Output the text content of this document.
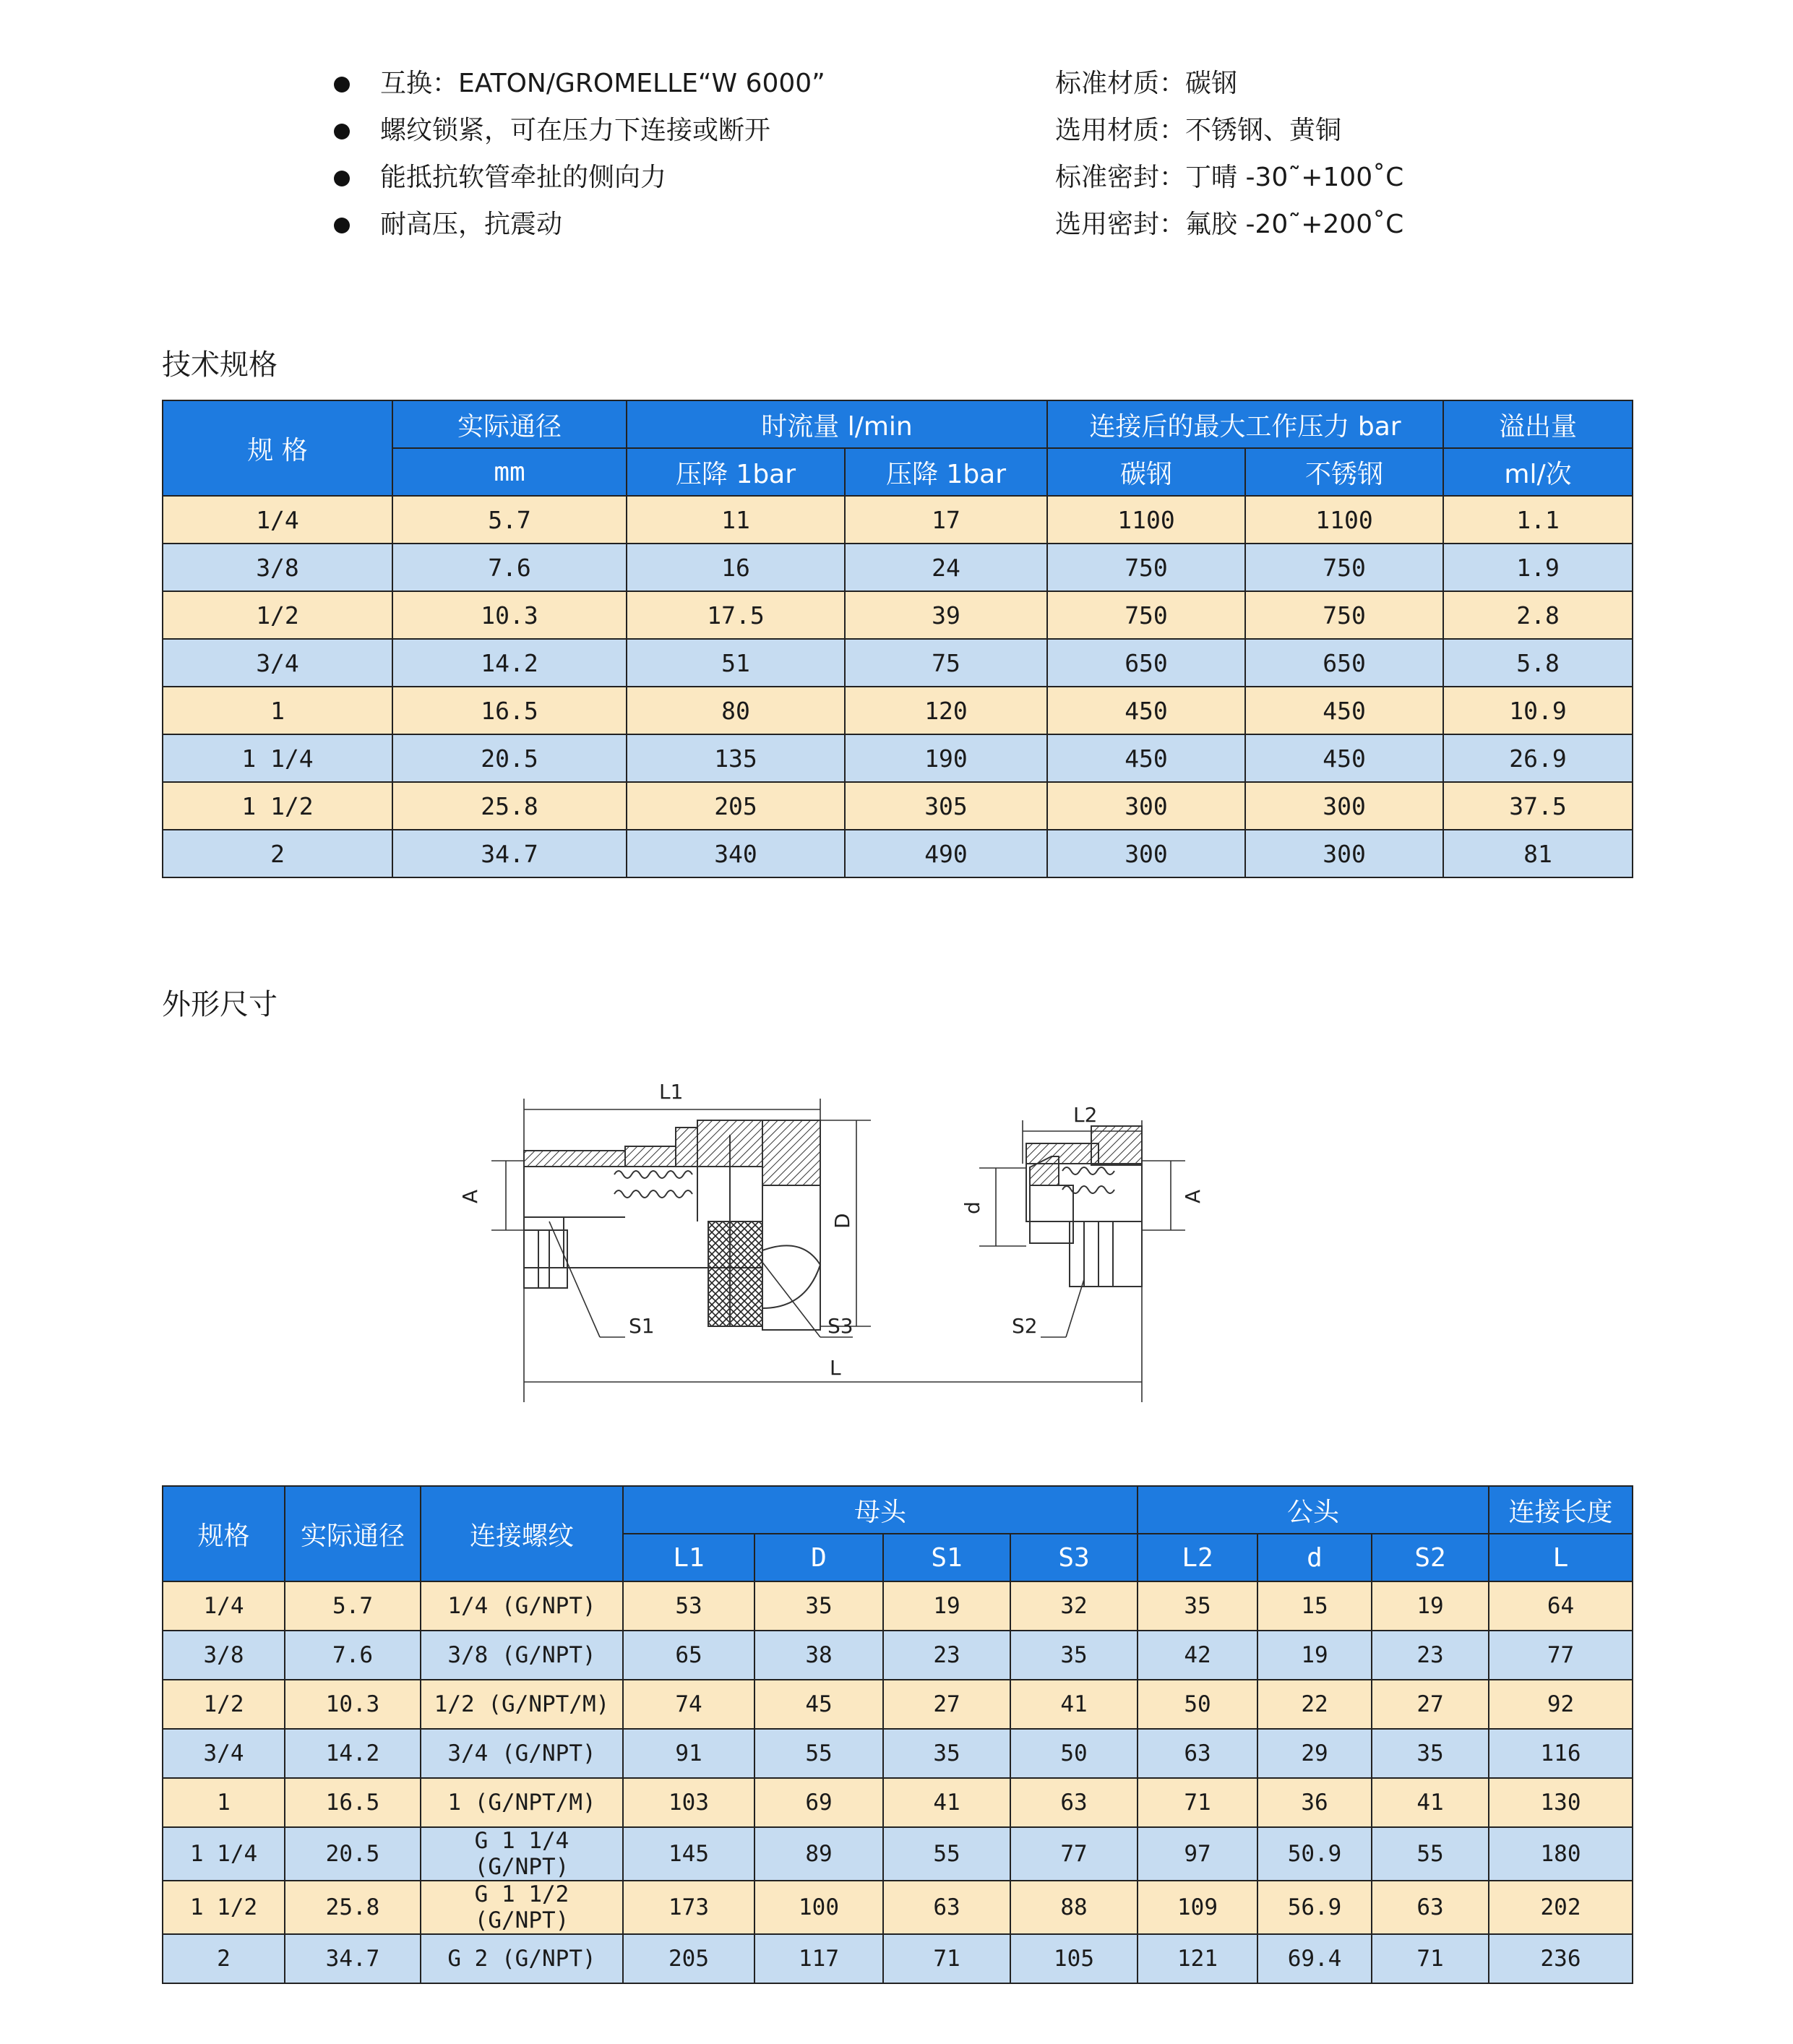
互换：EATON/GROMELLE“W 6000”	标准材质：碳钢
螺纹锁紧，可在压力下连接或断开	选用材质：不锈钢、黄铜
能抵抗软管牵扯的侧向力	标准密封：丁晴 -30˜+100˚C
耐高压，抗震动	选用密封：氟胶 -20˜+200˚C
技术规格
规 格	实际通径	时流量 l/min		连接后的最大工作压力 bar		溢出量
	mm	压降 1bar	压降 1bar	碳钢	不锈钢	ml/次
1/4	5.7	11	17	1100	1100	1.1
3/8	7.6	16	24	750	750	1.9
1/2	10.3	17.5	39	750	750	2.8
3/4	14.2	51	75	650	650	5.8
1	16.5	80	120	450	450	10.9
1 1/4	20.5	135	190	450	450	26.9
1 1/2	25.8	205	305	300	300	37.5
2	34.7	340	490	300	300	81
外形尺寸
L1
L2
L
A
D
d
A
S1	S3	S2
规格	实际通径	连接螺纹	母头				公头			连接长度
			L1	D	S1	S3	L2	d	S2	L
1/4	5.7	1/4 (G/NPT)	53	35	19	32	35	15	19	64
3/8	7.6	3/8 (G/NPT)	65	38	23	35	42	19	23	77
1/2	10.3	1/2 (G/NPT/M)	74	45	27	41	50	22	27	92
3/4	14.2	3/4 (G/NPT)	91	55	35	50	63	29	35	116
1	16.5	1 (G/NPT/M)	103	69	41	63	71	36	41	130
1 1/4	20.5	G 1 1/4 (G/NPT)	145	89	55	77	97	50.9	55	180
1 1/2	25.8	G 1 1/2 (G/NPT)	173	100	63	88	109	56.9	63	202
2	34.7	G 2 (G/NPT)	205	117	71	105	121	69.4	71	236
